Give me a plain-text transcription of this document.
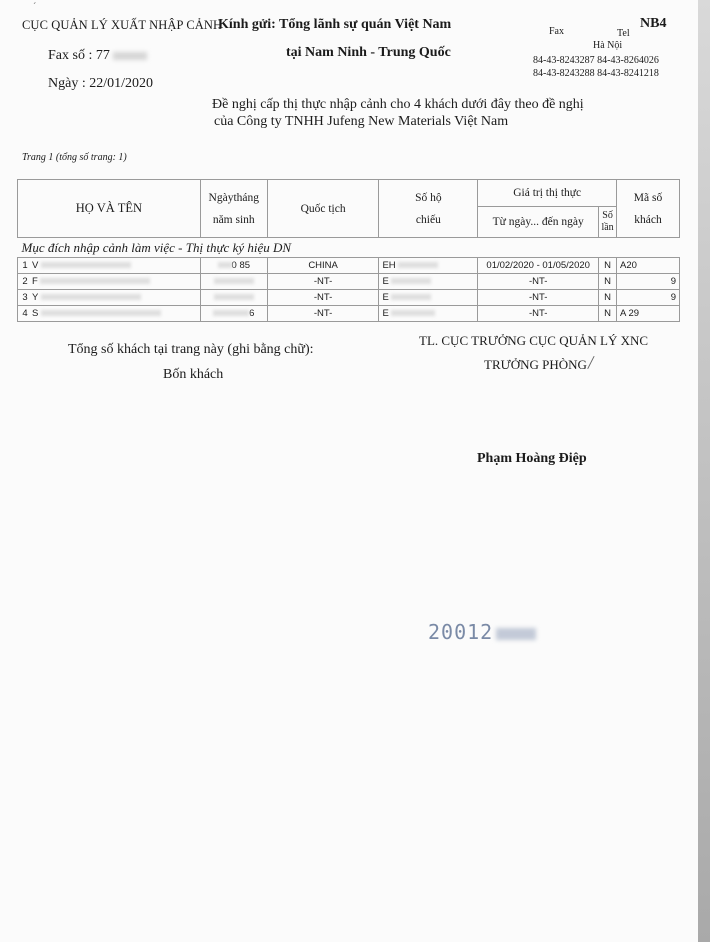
ˊ
CỤC QUẢN LÝ XUẤT NHẬP CẢNH
Fax số : 77
Ngày : 22/01/2020
Kính gửi: Tổng lãnh sự quán Việt Nam
tại Nam Ninh - Trung Quốc
Fax	Tel
NB4
Hà Nội
84-43-8243287 84-43-8264026
84-43-8243288 84-43-8241218
Đề nghị cấp thị thực nhập cảnh cho 4 khách dưới đây theo đề nghị
của Công ty TNHH Jufeng New Materials Việt Nam
Trang 1 (tổng số trang: 1)
HỌ VÀ TÊN	Ngàytháng
năm sinh	Quốc tịch	Số hộ
chiếu	Giá trị thị thực		Mã số
khách
				Từ ngày... đến ngày	Số
lần	
Mục đích nhập cảnh làm việc - Thị thực ký hiệu DN						
1 V	0 85	CHINA	EH	01/02/2020 - 01/05/2020	N	A20
2 F		-NT-	E	-NT-	N	9
3 Y		-NT-	E	-NT-	N	9
4 S	6	-NT-	E	-NT-	N	A 29
Tổng số khách tại trang này (ghi bằng chữ):
Bốn khách
TL. CỤC TRƯỞNG CỤC QUẢN LÝ XNC
TRƯỞNG PHÒNG /
Phạm Hoàng Điệp
20012
